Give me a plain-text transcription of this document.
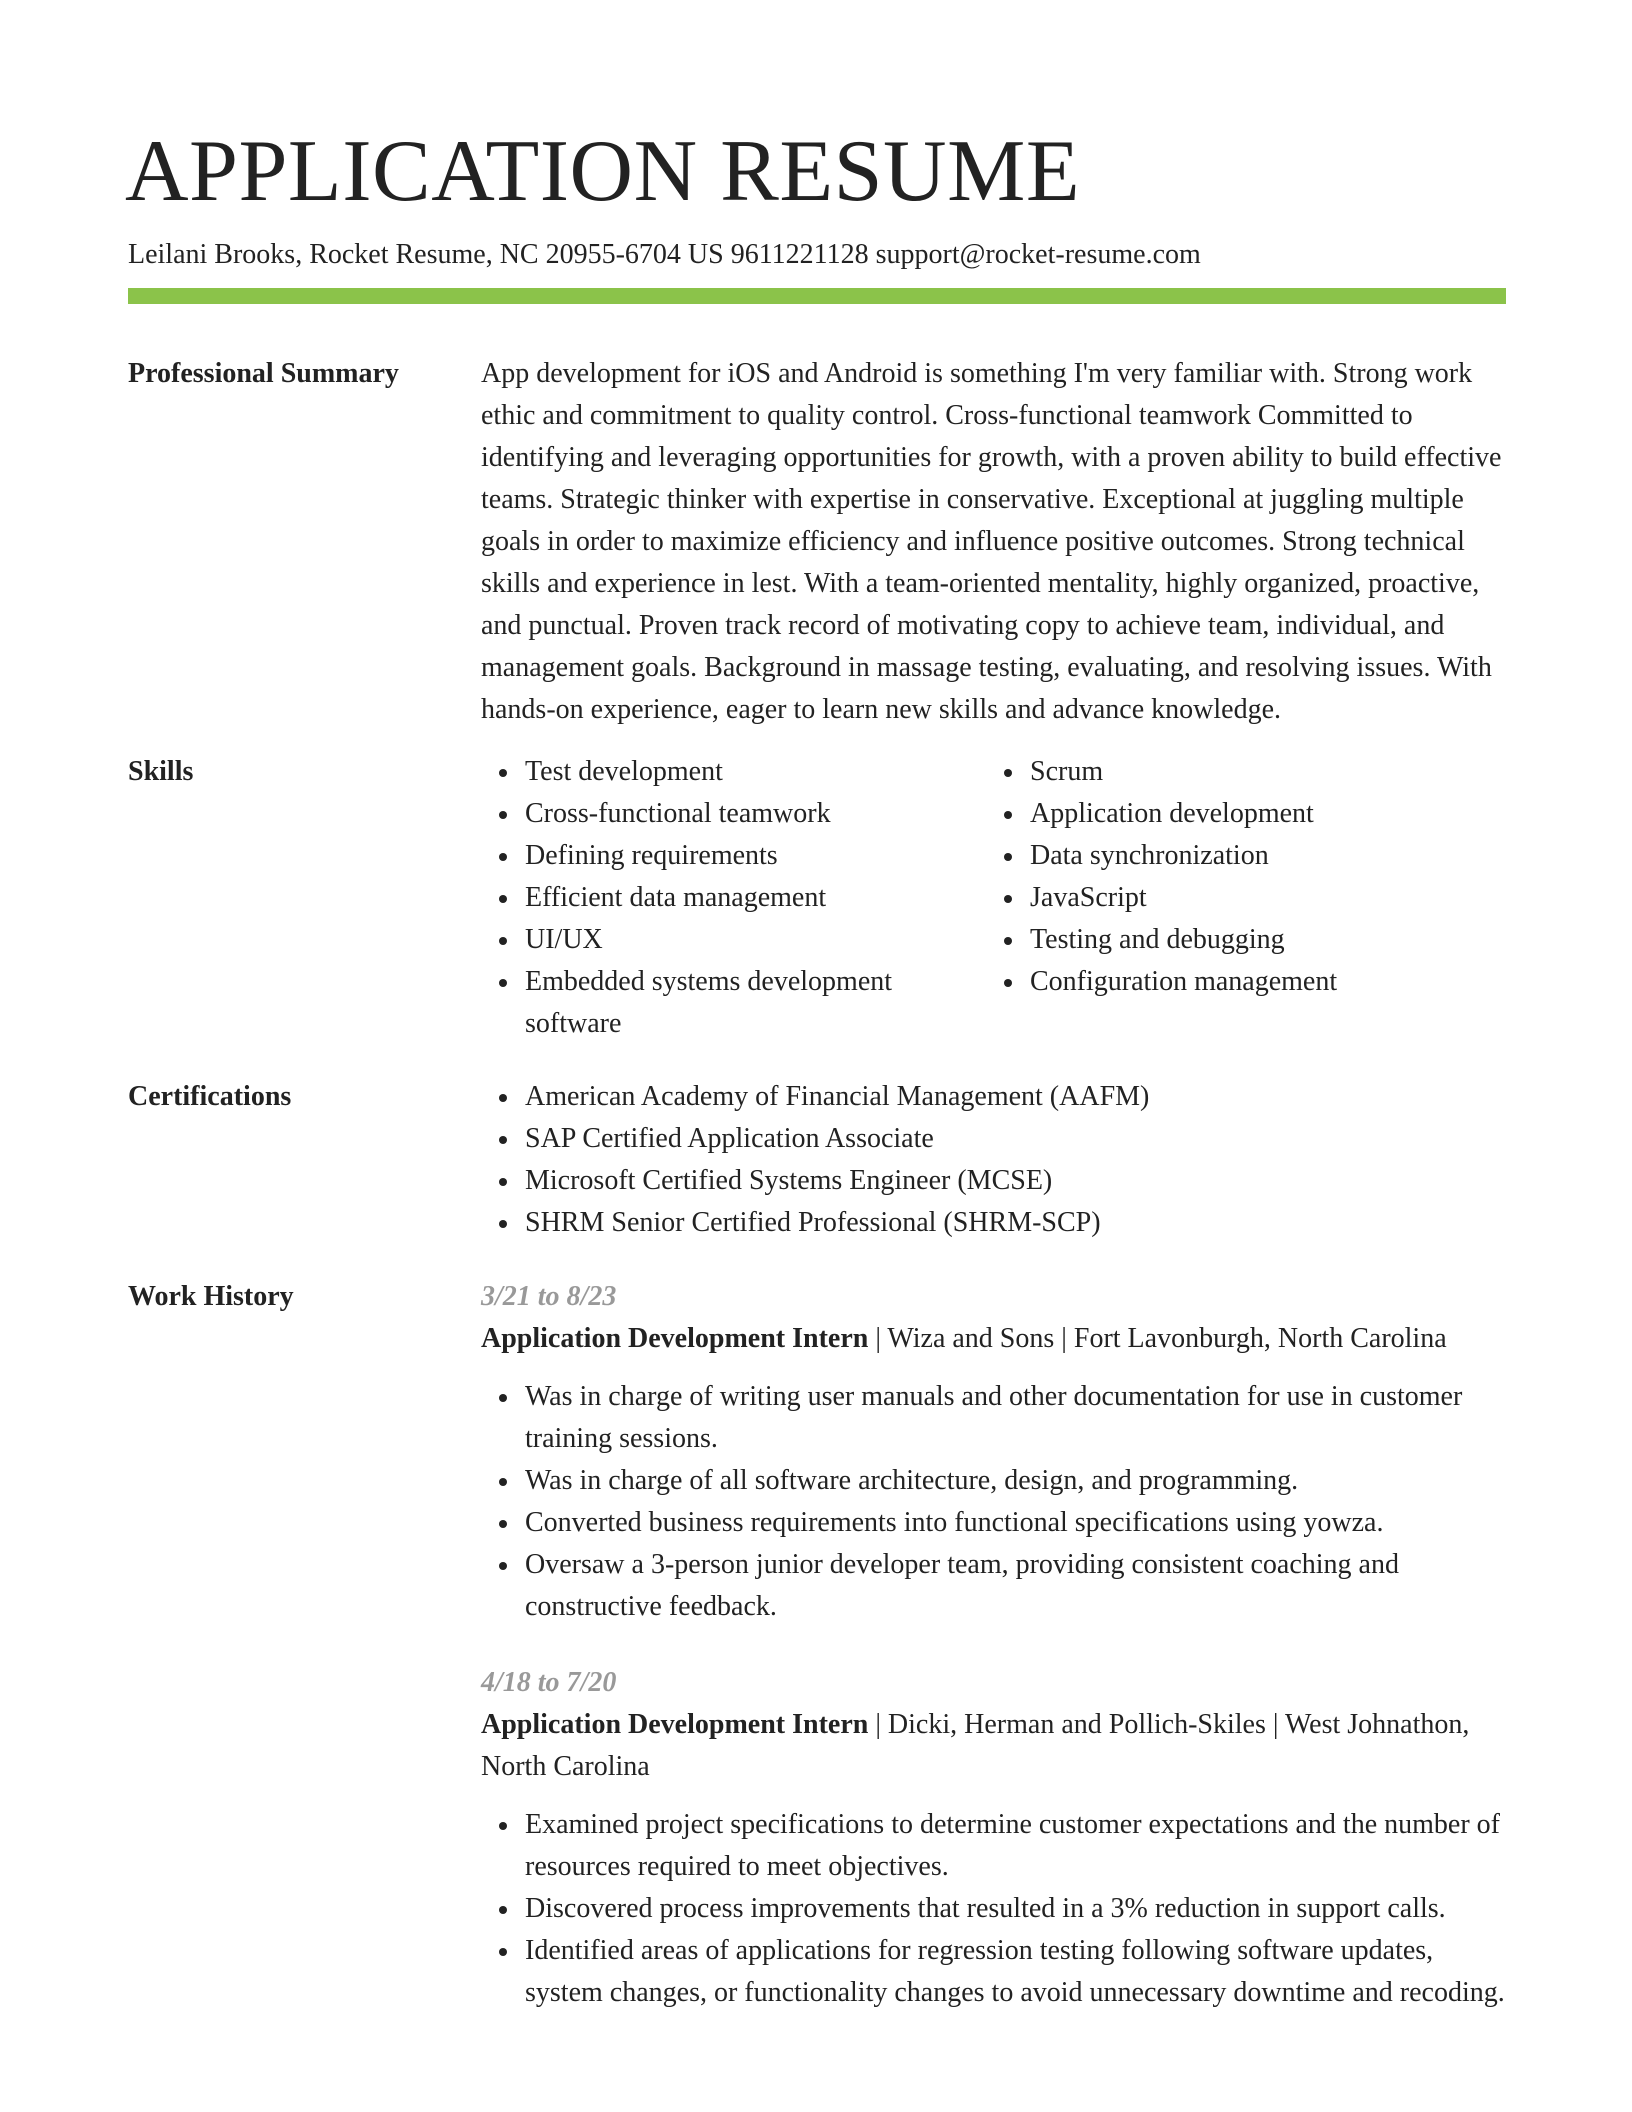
APPLICATION RESUME
Leilani Brooks, Rocket Resume, NC 20955-6704 US 9611221128 support@rocket-resume.com
Professional Summary	App development for iOS and Android is something I'm very familiar with. Strong work ethic and commitment to quality control. Cross-functional teamwork Committed to identifying and leveraging opportunities for growth, with a proven ability to build effective teams. Strategic thinker with expertise in conservative. Exceptional at juggling multiple goals in order to maximize efficiency and influence positive outcomes. Strong technical skills and experience in lest. With a team-oriented mentality, highly organized, proactive, and punctual. Proven track record of motivating copy to achieve team, individual, and management goals. Background in massage testing, evaluating, and resolving issues. With hands-on experience, eager to learn new skills and advance knowledge.

Skills	Test development
Cross-functional teamwork
Defining requirements
Efficient data management
UI/UX
Embedded systems development software
Scrum
Application development
Data synchronization
JavaScript
Testing and debugging
Configuration management
Certifications	American Academy of Financial Management (AAFM)
SAP Certified Application Associate
Microsoft Certified Systems Engineer (MCSE)
SHRM Senior Certified Professional (SHRM-SCP)
Work History	3/21 to 8/23
Application Development Intern | Wiza and Sons | Fort Lavonburgh, North Carolina
Was in charge of writing user manuals and other documentation for use in customer training sessions.
Was in charge of all software architecture, design, and programming.
Converted business requirements into functional specifications using yowza.
Oversaw a 3-person junior developer team, providing consistent coaching and constructive feedback.
4/18 to 7/20
Application Development Intern | Dicki, Herman and Pollich-Skiles | West Johnathon, North Carolina
Examined project specifications to determine customer expectations and the number of resources required to meet objectives.
Discovered process improvements that resulted in a 3% reduction in support calls.
Identified areas of applications for regression testing following software updates, system changes, or functionality changes to avoid unnecessary downtime and recoding.
